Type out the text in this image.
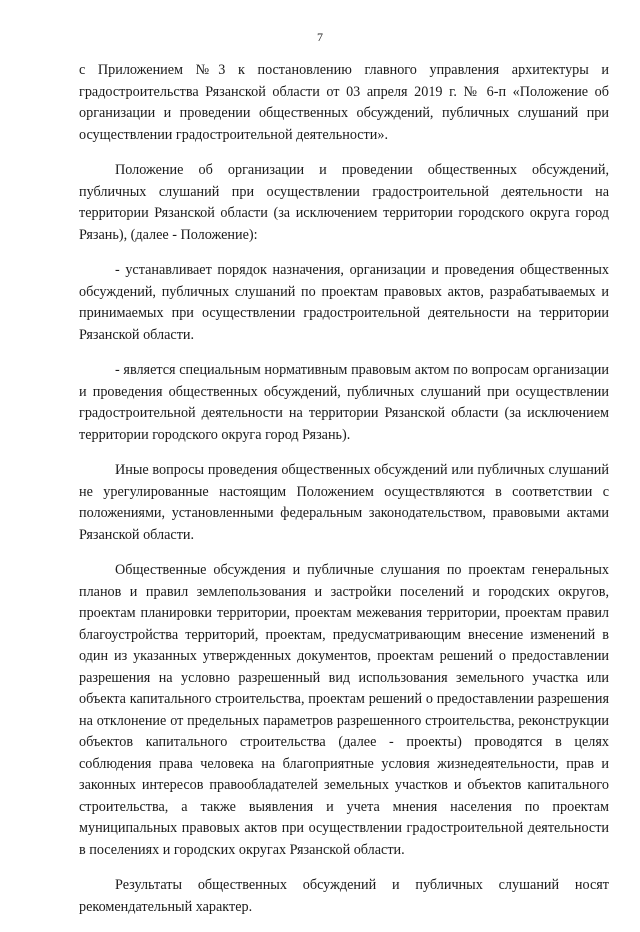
7

с Приложением №3 к постановлению главного управления архитектуры и градостроительства Рязанской области от 03 апреля 2019 г. № 6-п «Положение об организации и проведении общественных обсуждений, публичных слушаний при осуществлении градостроительной деятельности».

Положение об организации и проведении общественных обсуждений, публичных слушаний при осуществлении градостроительной деятельности на территории Рязанской области (за исключением территории городского округа город Рязань), (далее - Положение):

- устанавливает порядок назначения, организации и проведения общественных обсуждений, публичных слушаний по проектам правовых актов, разрабатываемых и принимаемых при осуществлении градостроительной деятельности на территории Рязанской области.

- является специальным нормативным правовым актом по вопросам организации и проведения общественных обсуждений, публичных слушаний при осуществлении градостроительной деятельности на территории Рязанской области (за исключением территории городского округа город Рязань).

Иные вопросы проведения общественных обсуждений или публичных слушаний не урегулированные настоящим Положением осуществляются в соответствии с положениями, установленными федеральным законодательством, правовыми актами Рязанской области.

Общественные обсуждения и публичные слушания по проектам генеральных планов и правил землепользования и застройки поселений и городских округов, проектам планировки территории, проектам межевания территории, проектам правил благоустройства территорий, проектам, предусматривающим внесение изменений в один из указанных утвержденных документов, проектам решений о предоставлении разрешения на условно разрешенный вид использования земельного участка или объекта капитального строительства, проектам решений о предоставлении разрешения на отклонение от предельных параметров разрешенного строительства, реконструкции объектов капитального строительства (далее - проекты) проводятся в целях соблюдения права человека на благоприятные условия жизнедеятельности, прав и законных интересов правообладателей земельных участков и объектов капитального строительства, а также выявления и учета мнения населения по проектам муниципальных правовых актов при осуществлении градостроительной деятельности в поселениях и городских округах Рязанской области.

Результаты общественных обсуждений и публичных слушаний носят рекомендательный характер.
